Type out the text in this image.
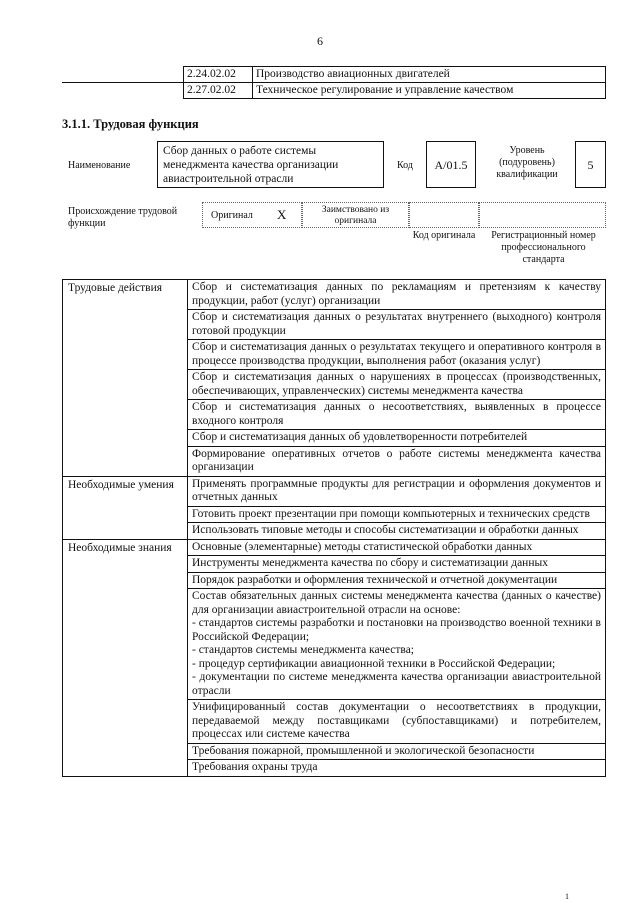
6
	2.24.02.02	Производство авиационных двигателей
	2.27.02.02	Техническое регулирование и управление качеством
3.1.1. Трудовая функция
Наименование
Сбор данных о работе системы менеджмента качества организации авиастроительной отрасли
Код	A/01.5
Уровень (подуровень) квалификации
5
Происхождение трудовой функции
Оригинал X	Заимствовано из оригинала
Код оригинала	Регистрационный номер профессионального стандарта
Трудовые действия	Сбор и систематизация данных по рекламациям и претензиям к качеству продукции, работ (услуг) организации
	Сбор и систематизация данных о результатах внутреннего (выходного) контроля готовой продукции
	Сбор и систематизация данных о результатах текущего и оперативного контроля в процессе производства продукции, выполнения работ (оказания услуг)
	Сбор и систематизация данных о нарушениях в процессах (производственных, обеспечивающих, управленческих) системы менеджмента качества
	Сбор и систематизация данных о несоответствиях, выявленных в процессе входного контроля
	Сбор и систематизация данных об удовлетворенности потребителей
	Формирование оперативных отчетов о работе системы менеджмента качества организации
Необходимые умения	Применять программные продукты для регистрации и оформления документов и отчетных данных
	Готовить проект презентации при помощи компьютерных и технических средств
	Использовать типовые методы и способы систематизации и обработки данных
Необходимые знания	Основные (элементарные) методы статистической обработки данных
	Инструменты менеджмента качества по сбору и систематизации данных
	Порядок разработки и оформления технической и отчетной документации

	Состав обязательных данных системы менеджмента качества (данных о качестве) для организации авиастроительной отрасли на основе:
- стандартов системы разработки и постановки на производство военной техники в Российской Федерации;
- стандартов системы менеджмента качества;
- процедур сертификации авиационной техники в Российской Федерации;
- документации по системе менеджмента качества организации авиастроительной отрасли

	Унифицированный состав документации о несоответствиях в продукции, передаваемой между поставщиками (субпоставщиками) и потребителем, процессах или системе качества
	Требования пожарной, промышленной и экологической безопасности
	Требования охраны труда
1
